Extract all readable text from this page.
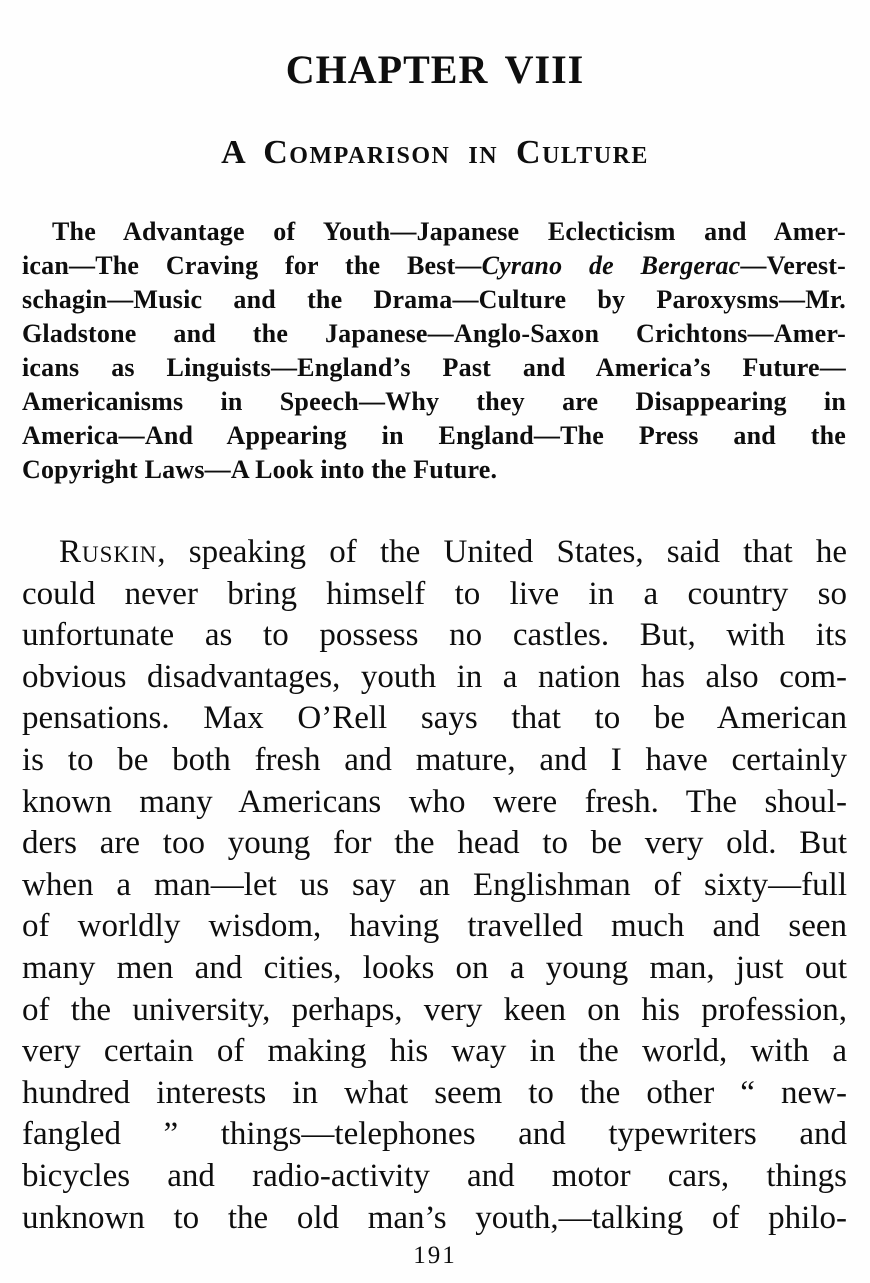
CHAPTER VIII
A Comparison in Culture
The Advantage of Youth—Japanese Eclecticism and Amer-
ican—The Craving for the Best—Cyrano de Bergerac—Verest-
schagin—Music and the Drama—Culture by Paroxysms—Mr.
Gladstone and the Japanese—Anglo-Saxon Crichtons—Amer-
icans as Linguists—England’s Past and America’s Future—
Americanisms in Speech—Why they are Disappearing in
America—And Appearing in England—The Press and the
Copyright Laws—A Look into the Future.
Ruskin, speaking of the United States, said that he
could never bring himself to live in a country so
unfortunate as to possess no castles. But, with its
obvious disadvantages, youth in a nation has also com-
pensations. Max O’Rell says that to be American
is to be both fresh and mature, and I have certainly
known many Americans who were fresh. The shoul-
ders are too young for the head to be very old. But
when a man—let us say an Englishman of sixty—full
of worldly wisdom, having travelled much and seen
many men and cities, looks on a young man, just out
of the university, perhaps, very keen on his profession,
very certain of making his way in the world, with a
hundred interests in what seem to the other “ new-
fangled ” things—telephones and typewriters and
bicycles and radio-activity and motor cars, things
unknown to the old man’s youth,—talking of philo-
191
